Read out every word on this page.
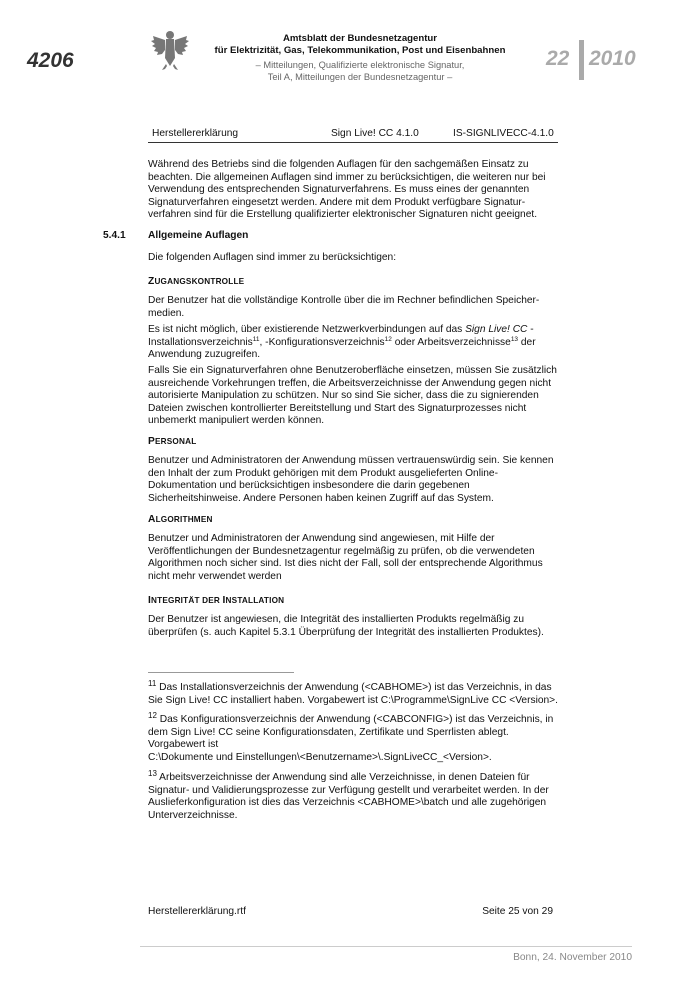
4206
Amtsblatt der Bundesnetzagentur
für Elektrizität, Gas, Telekommunikation, Post und Eisenbahnen
– Mitteilungen, Qualifizierte elektronische Signatur,
Teil A, Mitteilungen der Bundesnetzagentur –
22 2010
Herstellererklärung	Sign Live! CC 4.1.0	IS-SIGNLIVECC-4.1.0
Während des Betriebs sind die folgenden Auflagen für den sachgemäßen Einsatz zu beachten. Die allgemeinen Auflagen sind immer zu berücksichtigen, die weiteren nur bei Verwendung des entsprechenden Signaturverfahrens. Es muss eines der genannten Signaturverfahren eingesetzt werden. Andere mit dem Produkt verfügbare Signatur-verfahren sind für die Erstellung qualifizierter elektronischer Signaturen nicht geeignet.
5.4.1 Allgemeine Auflagen
Die folgenden Auflagen sind immer zu berücksichtigen:
ZUGANGSKONTROLLE
Der Benutzer hat die vollständige Kontrolle über die im Rechner befindlichen Speicher-
medien.
Es ist nicht möglich, über existierende Netzwerkverbindungen auf das Sign Live! CC -
Installationsverzeichnis$^{11}$, -Konfigurationsverzeichnis$^{12}$ oder Arbeitsverzeichnisse$^{13}$ der
Anwendung zuzugreifen.
Falls Sie ein Signaturverfahren ohne Benutzeroberfläche einsetzen, müssen Sie zusätzlich ausreichende Vorkehrungen treffen, die Arbeitsverzeichnisse der Anwendung gegen nicht autorisierte Manipulation zu schützen. Nur so sind Sie sicher, dass die zu signierenden Dateien zwischen kontrollierter Bereitstellung und Start des Signaturprozesses nicht unbemerkt manipuliert werden können.
PERSONAL
Benutzer und Administratoren der Anwendung müssen vertrauenswürdig sein. Sie kennen den Inhalt der zum Produkt gehörigen mit dem Produkt ausgelieferten Online-Dokumentation und berücksichtigen insbesondere die darin gegebenen Sicherheitshinweise. Andere Personen haben keinen Zugriff auf das System.
ALGORITHMEN
Benutzer und Administratoren der Anwendung sind angewiesen, mit Hilfe der Veröffentlichungen der Bundesnetzagentur regelmäßig zu prüfen, ob die verwendeten Algorithmen noch sicher sind. Ist dies nicht der Fall, soll der entsprechende Algorithmus nicht mehr verwendet werden
INTEGRITÄT DER INSTALLATION
Der Benutzer ist angewiesen, die Integrität des installierten Produkts regelmäßig zu überprüfen (s. auch Kapitel 5.3.1 Überprüfung der Integrität des installierten Produktes).
$^{11}$ Das Installationsverzeichnis der Anwendung (<CABHOME>) ist das Verzeichnis, in das Sie Sign Live! CC installiert haben. Vorgabewert ist C:\Programme\SignLive CC <Version>.
$^{12}$ Das Konfigurationsverzeichnis der Anwendung (<CABCONFIG>) ist das Verzeichnis, in dem Sign Live! CC seine Konfigurationsdaten, Zertifikate und Sperrlisten ablegt. Vorgabewert ist
C:\Dokumente und Einstellungen\<Benutzername>\.SignLiveCC_<Version>.
$^{13}$ Arbeitsverzeichnisse der Anwendung sind alle Verzeichnisse, in denen Dateien für Signatur- und Validierungsprozesse zur Verfügung gestellt und verarbeitet werden. In der Auslieferkonfiguration ist dies das Verzeichnis <CABHOME>\batch und alle zugehörigen Unterverzeichnisse.
Herstellererklärung.rtf	Seite 25 von 29
Bonn, 24. November 2010
